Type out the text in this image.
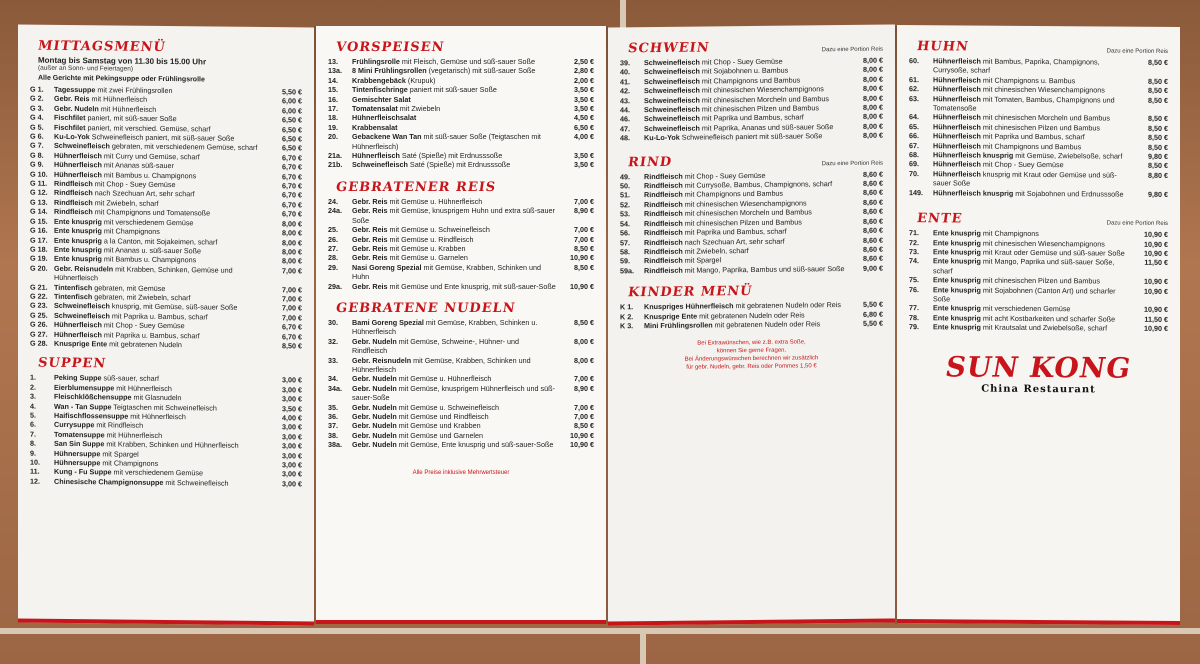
MITTAGSMENÜ
Montag bis Samstag von 11.30 bis 15.00 Uhr
(außer an Sonn- und Feiertagen)
Alle Gerichte mit Pekingsuppe oder Frühlingsrolle
G 1.	Tagessuppe mit zwei Frühlingsrollen	5,50 €
G 2.	Gebr. Reis mit Hühnerfleisch	6,00 €
G 3.	Gebr. Nudeln mit Hühnerfleisch	6,00 €
G 4.	Fischfilet paniert, mit süß-sauer Soße	6,50 €
G 5.	Fischfilet paniert, mit verschied. Gemüse, scharf	6,50 €
G 6.	Ku-Lo-Yok Schweinefleisch paniert, mit süß-sauer Soße	6,50 €
G 7.	Schweinefleisch gebraten, mit verschiedenem Gemüse, scharf	6,50 €
G 8.	Hühnerfleisch mit Curry und Gemüse, scharf	6,70 €
G 9.	Hühnerfleisch mit Ananas süß-sauer	6,70 €
G 10. Hühnerfleisch mit Bambus u. Champignons	6,70 €
G 11. Rindfleisch mit Chop - Suey Gemüse	6,70 €
G 12. Rindfleisch nach Szechuan Art, sehr scharf	6,70 €
G 13. Rindfleisch mit Zwiebeln, scharf	6,70 €
G 14. Rindfleisch mit Champignons und Tomatensoße	6,70 €
G 15. Ente knusprig mit verschiedenem Gemüse	8,00 €
G 16. Ente knusprig mit Champignons	8,00 €
G 17. Ente knusprig a la Canton, mit Sojakeimen, scharf	8,00 €
G 18. Ente knusprig mit Ananas u. süß-sauer Soße	8,00 €
G 19. Ente knusprig mit Bambus u. Champignons	8,00 €
G 20. Gebr. Reisnudeln mit Krabben, Schinken, Gemüse und Hühnerfleisch
7,00 €
G 21. Tintenfisch gebraten, mit Gemüse	7,00 €
G 22. Tintenfisch gebraten, mit Zwiebeln, scharf	7,00 €
G 23. Schweinefleisch knusprig, mit Gemüse, süß-sauer Soße	7,00 €
G 25. Schweinefleisch mit Paprika u. Bambus, scharf	7,00 €
G 26. Hühnerfleisch mit Chop - Suey Gemüse	6,70 €
G 27. Hühnerfleisch mit Paprika u. Bambus, scharf	6,70 €
G 28. Knusprige Ente mit gebratenen Nudeln	8,50 €
SUPPEN
1.	Peking Suppe süß-sauer, scharf	3,00 €
2.	Eierblumensuppe mit Hühnerfleisch	3,00 €
3.	Fleischklößchensuppe mit Glasnudeln	3,00 €
4.	Wan - Tan Suppe Teigtaschen mit Schweinefleisch	3,50 €
5.	Haifischflossensuppe mit Hühnerfleisch	4,00 €
6.	Currysuppe mit Rindfleisch	3,00 €
7.	Tomatensuppe mit Hühnerfleisch	3,00 €
8.	San Sin Suppe mit Krabben, Schinken und Hühnerfleisch	3,00 €
9.	Hühnersuppe mit Spargel	3,00 €
10.	Hühnersuppe mit Champignons	3,00 €
11.	Kung - Fu Suppe mit verschiedenem Gemüse	3,00 €
12.	Chinesische Champignonsuppe mit Schweinefleisch	3,00 €
VORSPEISEN
13.	Frühlingsrolle mit Fleisch, Gemüse und süß-sauer Soße	2,50 €
13a.	8 Mini Frühlingsrollen (vegetarisch) mit süß-sauer Soße	2,80 €
14.	Krabbengebäck (Krupuk)	2,00 €
15.	Tintenfischringe paniert mit süß-sauer Soße	3,50 €
16.	Gemischter Salat	3,50 €
17.	Tomatensalat mit Zwiebeln	3,50 €
18.	Hühnerfleischsalat	4,50 €
19.	Krabbensalat	6,50 €
20.	Gebackene Wan Tan mit süß-sauer Soße (Teigtaschen mit Hühnerfleisch)
4,00 €
21a.	Hühnerfleisch Saté (Spieße) mit Erdnusssoße	3,50 €
21b.	Schweinefleisch Saté (Spieße) mit Erdnusssoße	3,50 €
GEBRATENER REIS
24.	Gebr. Reis mit Gemüse u. Hühnerfleisch	7,00 €
24a.	Gebr. Reis mit Gemüse, knusprigem Huhn und extra süß-sauer Soße
8,90 €
25.	Gebr. Reis mit Gemüse u. Schweinefleisch	7,00 €
26.	Gebr. Reis mit Gemüse u. Rindfleisch	7,00 €
27.	Gebr. Reis mit Gemüse u. Krabben	8,50 €
28.	Gebr. Reis mit Gemüse u. Garnelen	10,90 €
29.	Nasi Goreng Spezial mit Gemüse, Krabben, Schinken und Huhn
8,50 €
29a.	Gebr. Reis mit Gemüse und Ente knusprig, mit süß-sauer-Soße	10,90 €
GEBRATENE NUDELN
30.	Bami Goreng Spezial mit Gemüse, Krabben, Schinken u. Hühnerfleisch
8,50 €
32.	Gebr. Nudeln mit Gemüse, Schweine-, Hühner- und Rindfleisch
8,00 €
33.	Gebr. Reisnudeln mit Gemüse, Krabben, Schinken und Hühnerfleisch
8,00 €
34.	Gebr. Nudeln mit Gemüse u. Hühnerfleisch	7,00 €
34a.	Gebr. Nudeln mit Gemüse, knusprigem Hühnerfleisch und süß-sauer-Soße
8,90 €
35.	Gebr. Nudeln mit Gemüse u. Schweinefleisch	7,00 €
36.	Gebr. Nudeln mit Gemüse und Rindfleisch	7,00 €
37.	Gebr. Nudeln mit Gemüse und Krabben	8,50 €
38.	Gebr. Nudeln mit Gemüse und Garnelen	10,90 €
38a.	Gebr. Nudeln mit Gemüse, Ente knusprig und süß-sauer-Soße	10,90 €
Alle Preise inklusive Mehrwertsteuer
SCHWEIN	Dazu eine Portion Reis
39.	Schweinefleisch mit Chop - Suey Gemüse	8,00 €
40.	Schweinefleisch mit Sojabohnen u. Bambus	8,00 €
41.	Schweinefleisch mit Champignons und Bambus	8,00 €
42.	Schweinefleisch mit chinesischen Wiesenchampignons	8,00 €
43.	Schweinefleisch mit chinesischen Morcheln und Bambus	8,00 €
44.	Schweinefleisch mit chinesischen Pilzen und Bambus	8,00 €
46.	Schweinefleisch mit Paprika und Bambus, scharf	8,00 €
47.	Schweinefleisch mit Paprika, Ananas und süß-sauer Soße	8,00 €
48.	Ku-Lo-Yok Schweinefleisch paniert mit süß-sauer Soße	8,00 €
RIND	Dazu eine Portion Reis
49.	Rindfleisch mit Chop - Suey Gemüse	8,60 €
50.	Rindfleisch mit Currysoße, Bambus, Champignons, scharf	8,60 €
51.	Rindfleisch mit Champignons und Bambus	8,60 €
52.	Rindfleisch mit chinesischen Wiesenchampignons	8,60 €
53.	Rindfleisch mit chinesischen Morcheln und Bambus	8,60 €
54.	Rindfleisch mit chinesischen Pilzen und Bambus	8,60 €
56.	Rindfleisch mit Paprika und Bambus, scharf	8,60 €
57.	Rindfleisch nach Szechuan Art, sehr scharf	8,60 €
58.	Rindfleisch mit Zwiebeln, scharf	8,60 €
59.	Rindfleisch mit Spargel	8,60 €
59a.	Rindfleisch mit Mango, Paprika, Bambus und süß-sauer Soße	9,00 €
KINDER MENÜ
K 1.	Knuspriges Hühnerfleisch mit gebratenen Nudeln oder Reis	5,50 €
K 2.	Knusprige Ente mit gebratenen Nudeln oder Reis	6,80 €
K 3.	Mini Frühlingsrollen mit gebratenen Nudeln oder Reis	5,50 €
Bei Extrawünschen, wie z.B. extra Soße,
können Sie gerne Fragen.
Bei Änderungswünschen berechnen wir zusätzlich
für gebr. Nudeln, gebr. Reis oder Pommes 1,50 €
HUHN	Dazu eine Portion Reis
60.	Hühnerfleisch mit Bambus, Paprika, Champignons, Currysoße, scharf
8,50 €
61.	Hühnerfleisch mit Champignons u. Bambus	8,50 €
62.	Hühnerfleisch mit chinesischen Wiesenchampignons	8,50 €
63.	Hühnerfleisch mit Tomaten, Bambus, Champignons und Tomatensoße
8,50 €
64.	Hühnerfleisch mit chinesischen Morcheln und Bambus	8,50 €
65.	Hühnerfleisch mit chinesischen Pilzen und Bambus	8,50 €
66.	Hühnerfleisch mit Paprika und Bambus, scharf	8,50 €
67.	Hühnerfleisch mit Champignons und Bambus	8,50 €
68.	Hühnerfleisch knusprig mit Gemüse, Zwiebelsoße, scharf	9,80 €
69.	Hühnerfleisch mit Chop - Suey Gemüse	8,50 €
70.	Hühnerfleisch knusprig mit Kraut oder Gemüse und süß-sauer Soße
8,80 €
149.	Hühnerfleisch knusprig mit Sojabohnen und Erdnusssoße	9,80 €
ENTE	Dazu eine Portion Reis
71.	Ente knusprig mit Champignons	10,90 €
72.	Ente knusprig mit chinesischen Wiesenchampignons	10,90 €
73.	Ente knusprig mit Kraut oder Gemüse und süß-sauer Soße	10,90 €
74.	Ente knusprig mit Mango, Paprika und süß-sauer Soße, scharf
11,50 €
75.	Ente knusprig mit chinesischen Pilzen und Bambus	10,90 €
76.	Ente knusprig mit Sojabohnen (Canton Art) und scharfer Soße
10,90 €
77.	Ente knusprig mit verschiedenen Gemüse	10,90 €
78.	Ente knusprig mit acht Kostbarkeiten und scharfer Soße	11,50 €
79.	Ente knusprig mit Krautsalat und Zwiebelsoße, scharf	10,90 €
SUN KONG
China Restaurant
